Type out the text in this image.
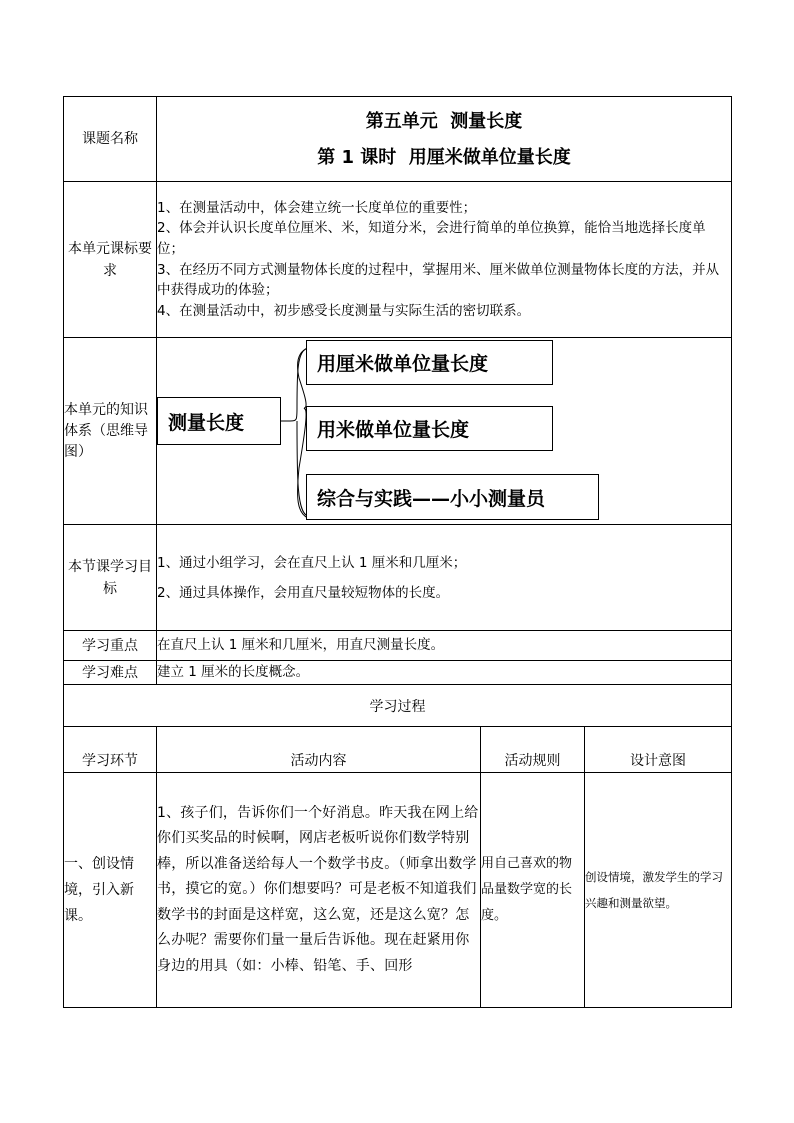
课题名称	第五单元  测量长度
第 1 课时  用厘米做单位量长度		

本单元课标要求	1、在测量活动中，体会建立统一长度单位的重要性；
2、体会并认识长度单位厘米、米，知道分米，会进行简单的单位换算，能恰当地选择长度单位；
3、在经历不同方式测量物体长度的过程中，掌握用米、厘米做单位测量物体长度的方法，并从中获得成功的体验；
4、在测量活动中，初步感受长度测量与实际生活的密切联系。		

本单元的知识体系（思维导图）	测量长度
用厘米做单位量长度
用米做单位量长度
综合与实践——小小测量员		

本节课学习目标	1、通过小组学习，会在直尺上认 1 厘米和几厘米；
2、通过具体操作，会用直尺量较短物体的长度。		

学习重点	在直尺上认 1 厘米和几厘米，用直尺测量长度。		
学习难点	建立 1 厘米的长度概念。		
学习过程			
学习环节	活动内容	活动规则	设计意图
一、创设情境，引入新课。	1、孩子们，告诉你们一个好消息。昨天我在网上给你们买奖品的时候啊，网店老板听说你们数学特别棒，所以准备送给每人一个数学书皮。（师拿出数学书，摸它的宽。）你们想要吗？可是老板不知道我们数学书的封面是这样宽，这么宽，还是这么宽？怎么办呢？需要你们量一量后告诉他。现在赶紧用你身边的用具（如：小棒、铅笔、手、回形	用自己喜欢的物品量数学宽的长度。	创设情境，激发学生的学习兴趣和测量欲望。
